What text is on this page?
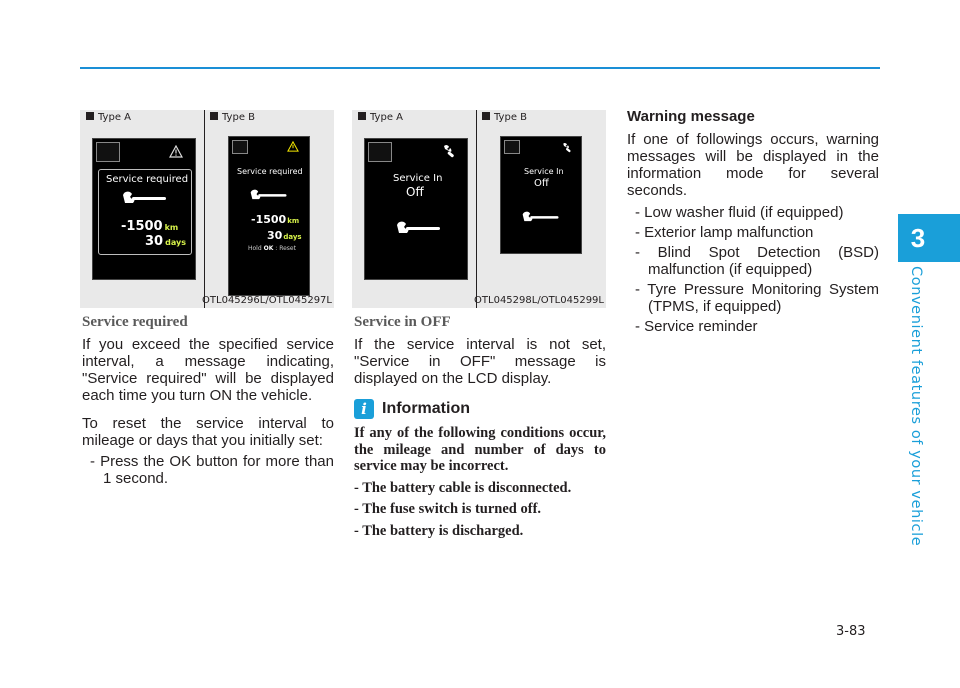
3
Convenient features of your vehicle
Type A	Type B
Service required
-1500 km
30 days
Service required
-1500km
30days
Hold OK : Reset
OTL045296L/OTL045297L
Type A	Type B
Service In
Off
Service In
Off
OTL045298L/OTL045299L
Service required

If you exceed the specified service interval, a message indicating, "Service required" will be displayed each time you turn ON the vehicle.

To reset the service interval to mileage or days that you initially set:

- Press the OK button for more than 1 second.
Service in OFF

If the service interval is not set, "Service in OFF" message is displayed on the LCD display.

i Information

If any of the following conditions occur, the mileage and number of days to service may be incorrect.

- The battery cable is disconnected.
- The fuse switch is turned off.
- The battery is discharged.
Warning message

If one of followings occurs, warning messages will be displayed in the information mode for several seconds.

- Low washer fluid (if equipped)
- Exterior lamp malfunction
- Blind Spot Detection (BSD) malfunction (if equipped)
- Tyre Pressure Monitoring System (TPMS, if equipped)
- Service reminder
3-83
